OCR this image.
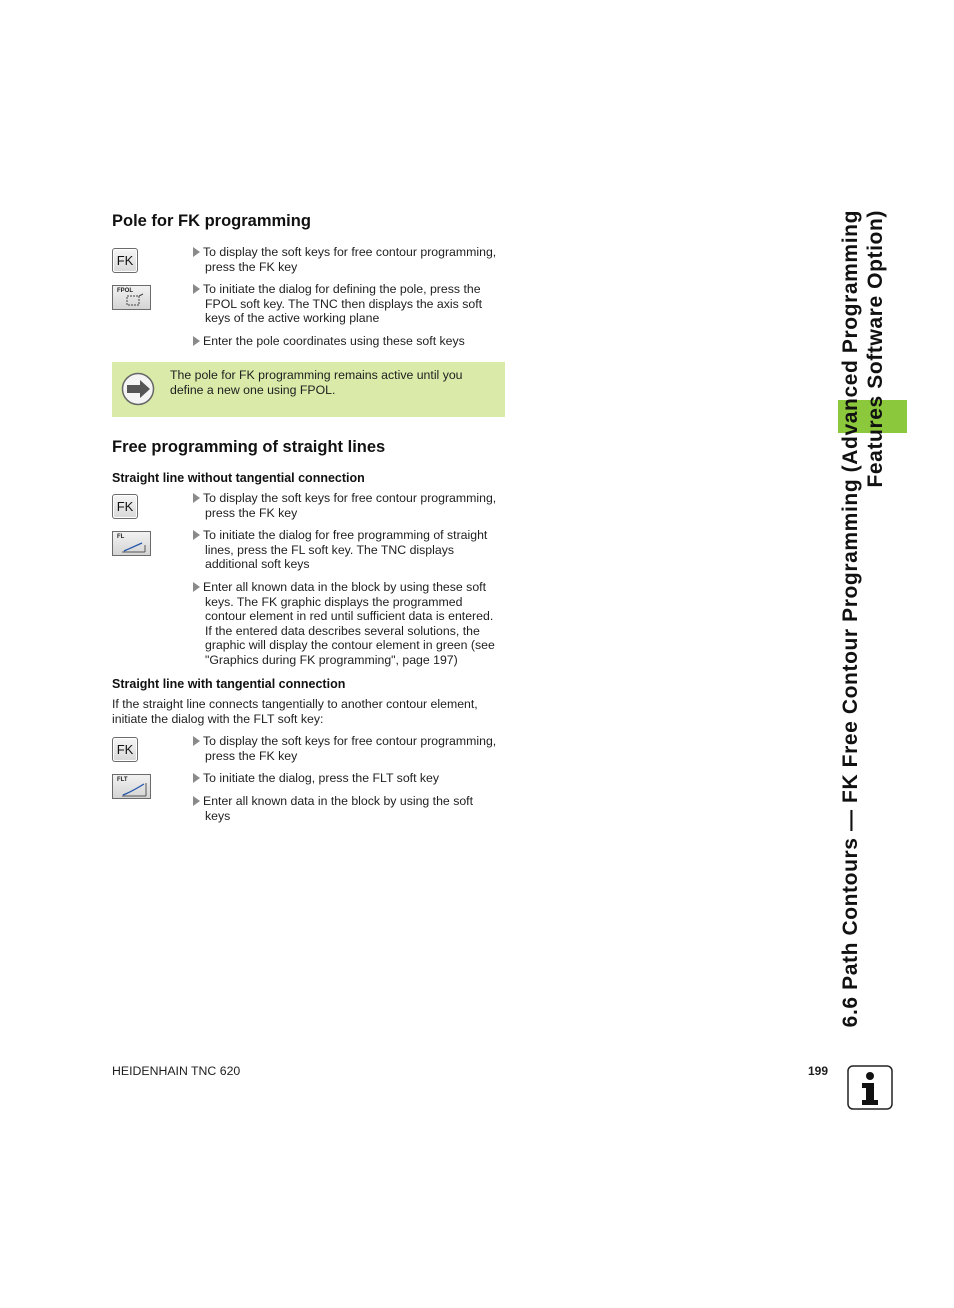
Pole for FK programming
FK
To display the soft keys for free contour programming,
press the FK key
FPOL	To initiate the dialog for defining the pole, press the
FPOL soft key. The TNC then displays the axis soft
keys of the active working plane
Enter the pole coordinates using these soft keys
The pole for FK programming remains active until you
define a new one using FPOL.
Free programming of straight lines
Straight line without tangential connection
FK
To display the soft keys for free contour programming,
press the FK key
FL	To initiate the dialog for free programming of straight
lines, press the FL soft key. The TNC displays
additional soft keys
Enter all known data in the block by using these soft
keys. The FK graphic displays the programmed
contour element in red until sufficient data is entered.
If the entered data describes several solutions, the
graphic will display the contour element in green (see
"Graphics during FK programming", page 197)
Straight line with tangential connection
If the straight line connects tangentially to another contour element,
initiate the dialog with the FLT soft key:
FK
To display the soft keys for free contour programming,
press the FK key
FLT	To initiate the dialog, press the FLT soft key
Enter all known data in the block by using the soft
keys	6.6 Path Contours — FK Free Contour Programming (Advanced Programming Features Software Option)
HEIDENHAIN TNC 620	199
